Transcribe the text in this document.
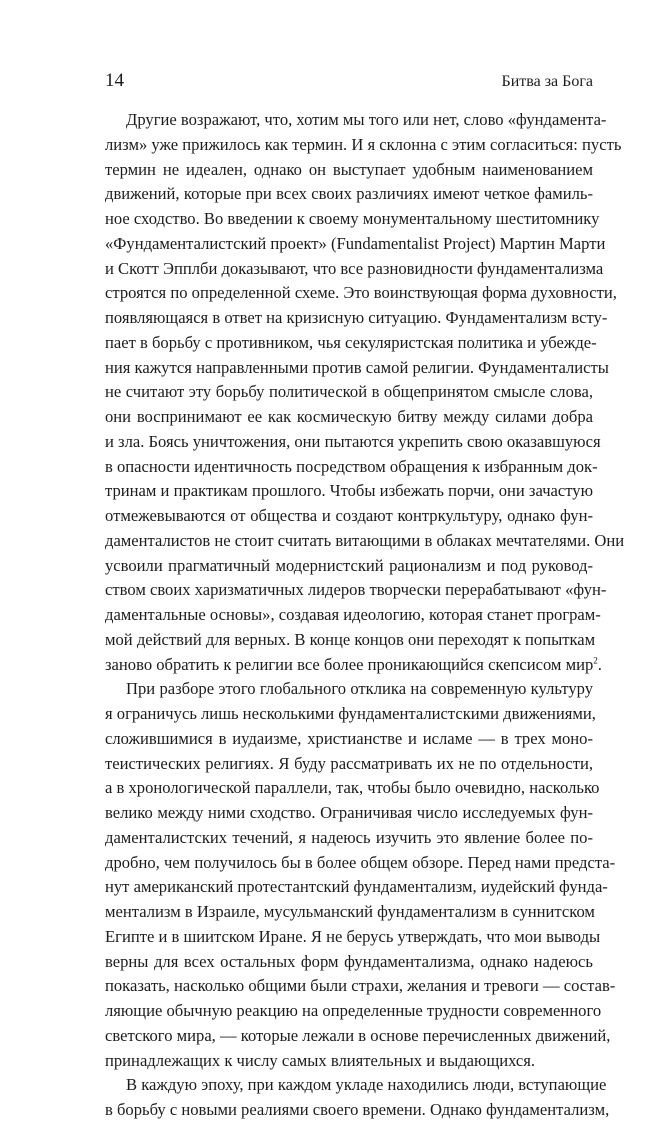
14	Битва за Бога
Другие возражают, что, хотим мы того или нет, слово «фундамента-
лизм» уже прижилось как термин. И я склонна с этим согласиться: пусть
термин не идеален, однако он выступает удобным наименованием
движений, которые при всех своих различиях имеют четкое фамиль-
ное сходство. Во введении к своему монументальному шеститомнику
«Фундаменталистский проект» (Fundamentalist Project) Мартин Марти
и Скотт Эпплби доказывают, что все разновидности фундаментализма
строятся по определенной схеме. Это воинствующая форма духовности,
появляющаяся в ответ на кризисную ситуацию. Фундаментализм всту-
пает в борьбу с противником, чья секуляристская политика и убежде-
ния кажутся направленными против самой религии. Фундаменталисты
не считают эту борьбу политической в общепринятом смысле слова,
они воспринимают ее как космическую битву между силами добра
и зла. Боясь уничтожения, они пытаются укрепить свою оказавшуюся
в опасности идентичность посредством обращения к избранным док-
тринам и практикам прошлого. Чтобы избежать порчи, они зачастую
отмежевываются от общества и создают контркультуру, однако фун-
даменталистов не стоит считать витающими в облаках мечтателями. Они
усвоили прагматичный модернистский рационализм и под руковод-
ством своих харизматичных лидеров творчески перерабатывают «фун-
даментальные основы», создавая идеологию, которая станет програм-
мой действий для верных. В конце концов они переходят к попыткам
заново обратить к религии все более проникающийся скепсисом мир$^2$.
При разборе этого глобального отклика на современную культуру
я ограничусь лишь несколькими фундаменталистскими движениями,
сложившимися в иудаизме, христианстве и исламе — в трех моно-
теистических религиях. Я буду рассматривать их не по отдельности,
а в хронологической параллели, так, чтобы было очевидно, насколько
велико между ними сходство. Ограничивая число исследуемых фун-
даменталистских течений, я надеюсь изучить это явление более по-
дробно, чем получилось бы в более общем обзоре. Перед нами предста-
нут американский протестантский фундаментализм, иудейский фунда-
ментализм в Израиле, мусульманский фундаментализм в суннитском
Египте и в шиитском Иране. Я не берусь утверждать, что мои выводы
верны для всех остальных форм фундаментализма, однако надеюсь
показать, насколько общими были страхи, желания и тревоги — состав-
ляющие обычную реакцию на определенные трудности современного
светского мира, — которые лежали в основе перечисленных движений,
принадлежащих к числу самых влиятельных и выдающихся.
В каждую эпоху, при каждом укладе находились люди, вступающие
в борьбу с новыми реалиями своего времени. Однако фундаментализм,
